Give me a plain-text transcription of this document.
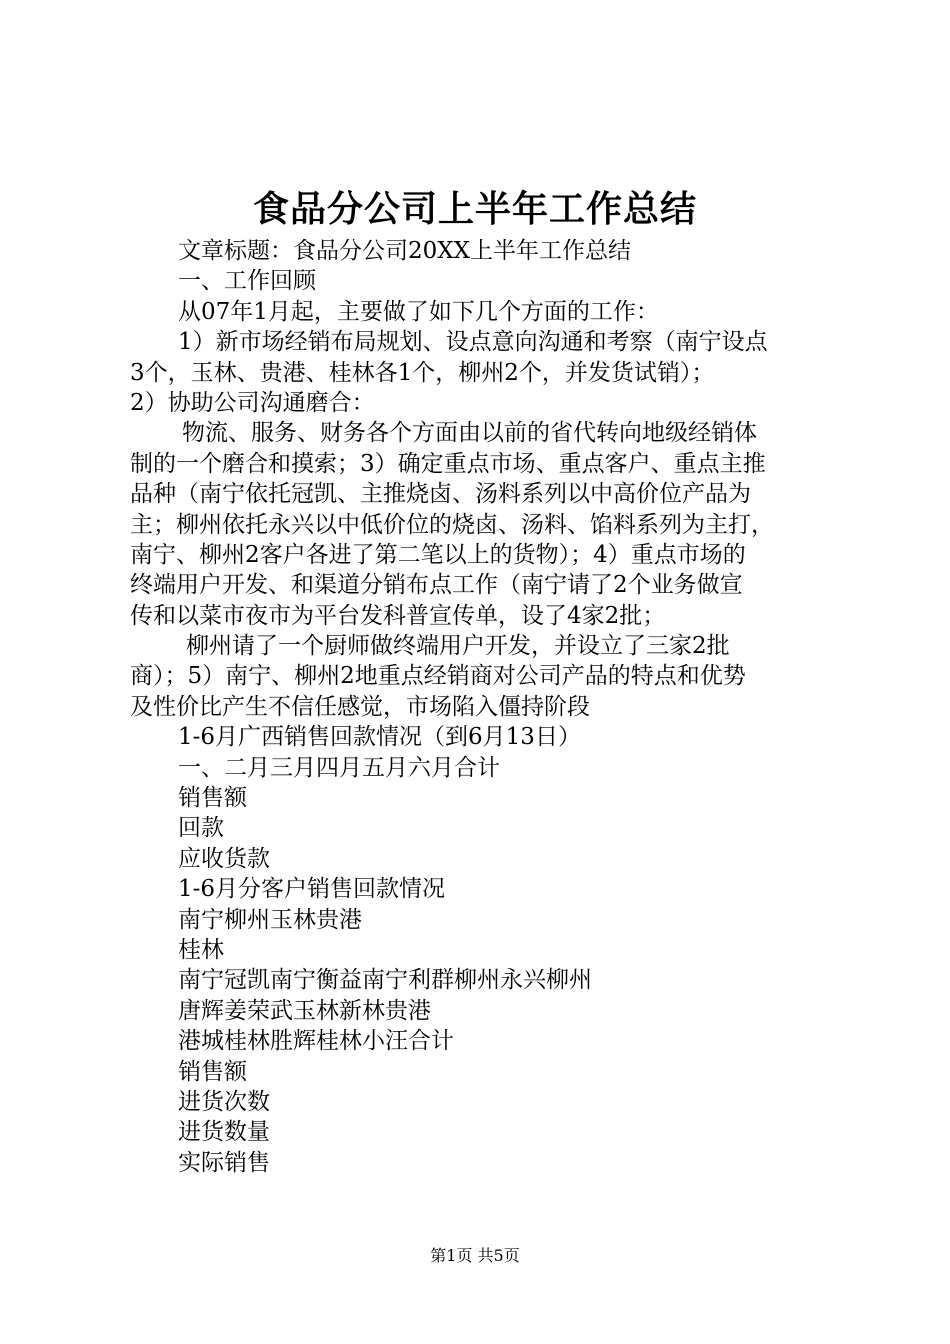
食品分公司上半年工作总结
文章标题：食品分公司20XX上半年工作总结
一、工作回顾
从07年1月起，主要做了如下几个方面的工作：
1）新市场经销布局规划、设点意向沟通和考察（南宁设点
3个，玉林、贵港、桂林各1个，柳州2个，并发货试销）；
2）协助公司沟通磨合：
物流、服务、财务各个方面由以前的省代转向地级经销体
制的一个磨合和摸索；3）确定重点市场、重点客户、重点主推
品种（南宁依托冠凯、主推烧卤、汤料系列以中高价位产品为
主；柳州依托永兴以中低价位的烧卤、汤料、馅料系列为主打，
南宁、柳州2客户各进了第二笔以上的货物）；4）重点市场的
终端用户开发、和渠道分销布点工作（南宁请了2个业务做宣
传和以菜市夜市为平台发科普宣传单，设了4家2批；
柳州请了一个厨师做终端用户开发，并设立了三家2批
商）；5）南宁、柳州2地重点经销商对公司产品的特点和优势
及性价比产生不信任感觉，市场陷入僵持阶段
1-6月广西销售回款情况（到6月13日）
一、二月三月四月五月六月合计
销售额
回款
应收货款
1-6月分客户销售回款情况
南宁柳州玉林贵港
桂林
南宁冠凯南宁衡益南宁利群柳州永兴柳州
唐辉姜荣武玉林新林贵港
港城桂林胜辉桂林小汪合计
销售额
进货次数
进货数量
实际销售
第1页 共5页
